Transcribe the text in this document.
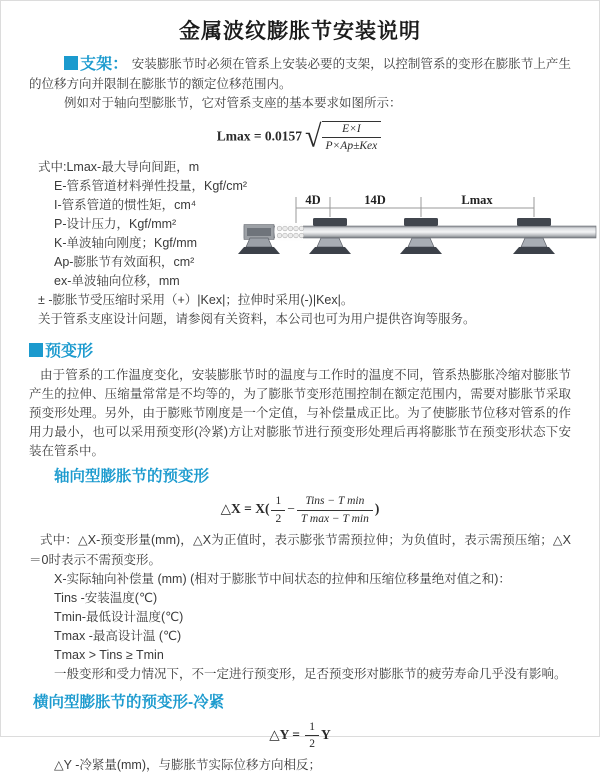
金属波纹膨胀节安装说明

支架： 安装膨胀节时必须在管系上安装必要的支架，以控制管系的变形在膨胀节上产生的位移方向并限制在膨胀节的额定位移范围内。

例如对于轴向型膨胀节，它对管系支座的基本要求如图所示：

Lmax = 0.0157 √ $\frac{E\times I}{\text{P×Ap±Kex}}$
式中:Lmax-最大导向间距，m
E-管系管道材料弹性投量，Kgf/cm²
I-管系管道的惯性矩，cm⁴
P-设计压力，Kgf/mm²
K-单波轴向刚度；Kgf/mm
Ap-膨胀节有效面积，cm²
ex-单波轴向位移，mm
± -膨胀节受压缩时采用（+）|Kex|；拉伸时采用(-)|Kex|。
关于管系支座设计问题，请参阅有关资料，本公司也可为用户提供咨询等服务。
4D	14D	Lmax
预变形

由于管系的工作温度变化，安装膨胀节时的温度与工作时的温度不同，管系热膨胀冷缩对膨胀节产生的拉伸、压缩量常常是不均等的，为了膨胀节变形范围控制在额定范围内，需要对膨胀节采取预变形处理。另外，由于膨账节刚度是一个定值，与补偿量成正比。为了使膨胀节位移对管系的作用力最小，也可以采用预变形(冷紧)方让对膨胀节进行预变形处理后再将膨胀节在预变形状态下安装在管系中。

轴向型膨胀节的预变形
△X = $X( \frac{1}{2} - \frac{\text{Tins − T min}}{\text{T max − T min}}$ )

式中：△X-预变形量(mm)，△X为正值时，表示膨张节需预拉伸；为负值时，表示需预压缩；△X＝0时表示不需预变形。

X-实际轴向补偿量 (mm) (相对于膨胀节中间状态的拉伸和压缩位移量绝对值之和)：
Tins -安装温度(℃)
Tmin-最低设计温度(℃)
Tmax -最高设计温 (℃)
Tmax > Tins ≥ Tmin

一般变形和受力情况下，不一定进行预变形，足否预变形对膨胀节的疲劳寿命几乎没有影响。

横向型膨胀节的预变形-冷紧
△Y = $\frac{1}{2}$ Y
△Y -冷紧量(mm)，与膨胀节实际位移方向相反；
